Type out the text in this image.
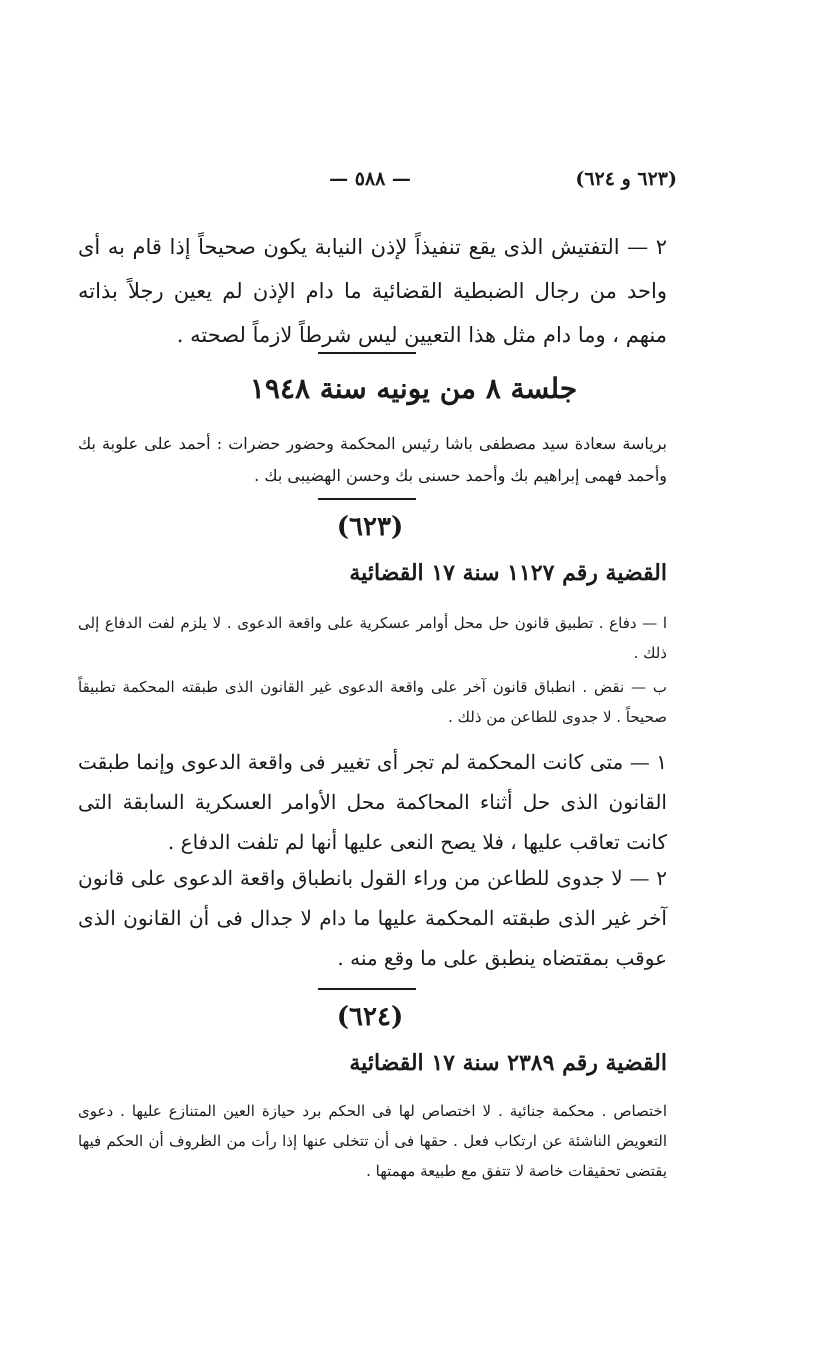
(٦٢٣ و ٦٢٤)
— ٥٨٨ —
٢ — التفتيش الذى يقع تنفيذاً لإذن النيابة يكون صحيحاً إذا قام به أى واحد من رجال الضبطية القضائية ما دام الإذن لم يعين رجلاً بذاته منهم ، وما دام مثل هذا التعيين ليس شرطاً لازماً لصحته .
جلسة ٨ من يونيه سنة ١٩٤٨
برياسة سعادة سيد مصطفى باشا رئيس المحكمة وحضور حضرات : أحمد على علوبة بك وأحمد فهمى إبراهيم بك وأحمد حسنى بك وحسن الهضيبى بك .
(٦٢٣)
القضية رقم ١١٢٧ سنة ١٧ القضائية
ا — دفاع . تطبيق قانون حل محل أوامر عسكرية على واقعة الدعوى . لا يلزم لفت الدفاع إلى ذلك .
ب — نقض . انطباق قانون آخر على واقعة الدعوى غير القانون الذى طبقته المحكمة تطبيقاً صحيحاً . لا جدوى للطاعن من ذلك .
١ — متى كانت المحكمة لم تجر أى تغيير فى واقعة الدعوى وإنما طبقت القانون الذى حل أثناء المحاكمة محل الأوامر العسكرية السابقة التى كانت تعاقب عليها ، فلا يصح النعى عليها أنها لم تلفت الدفاع .
٢ — لا جدوى للطاعن من وراء القول بانطباق واقعة الدعوى على قانون آخر غير الذى طبقته المحكمة عليها ما دام لا جدال فى أن القانون الذى عوقب بمقتضاه ينطبق على ما وقع منه .
(٦٢٤)
القضية رقم ٢٣٨٩ سنة ١٧ القضائية
اختصاص . محكمة جنائية . لا اختصاص لها فى الحكم برد حيازة العين المتنازع عليها . دعوى التعويض الناشئة عن ارتكاب فعل . حقها فى أن تتخلى عنها إذا رأت من الظروف أن الحكم فيها يقتضى تحقيقات خاصة لا تتفق مع طبيعة مهمتها .
